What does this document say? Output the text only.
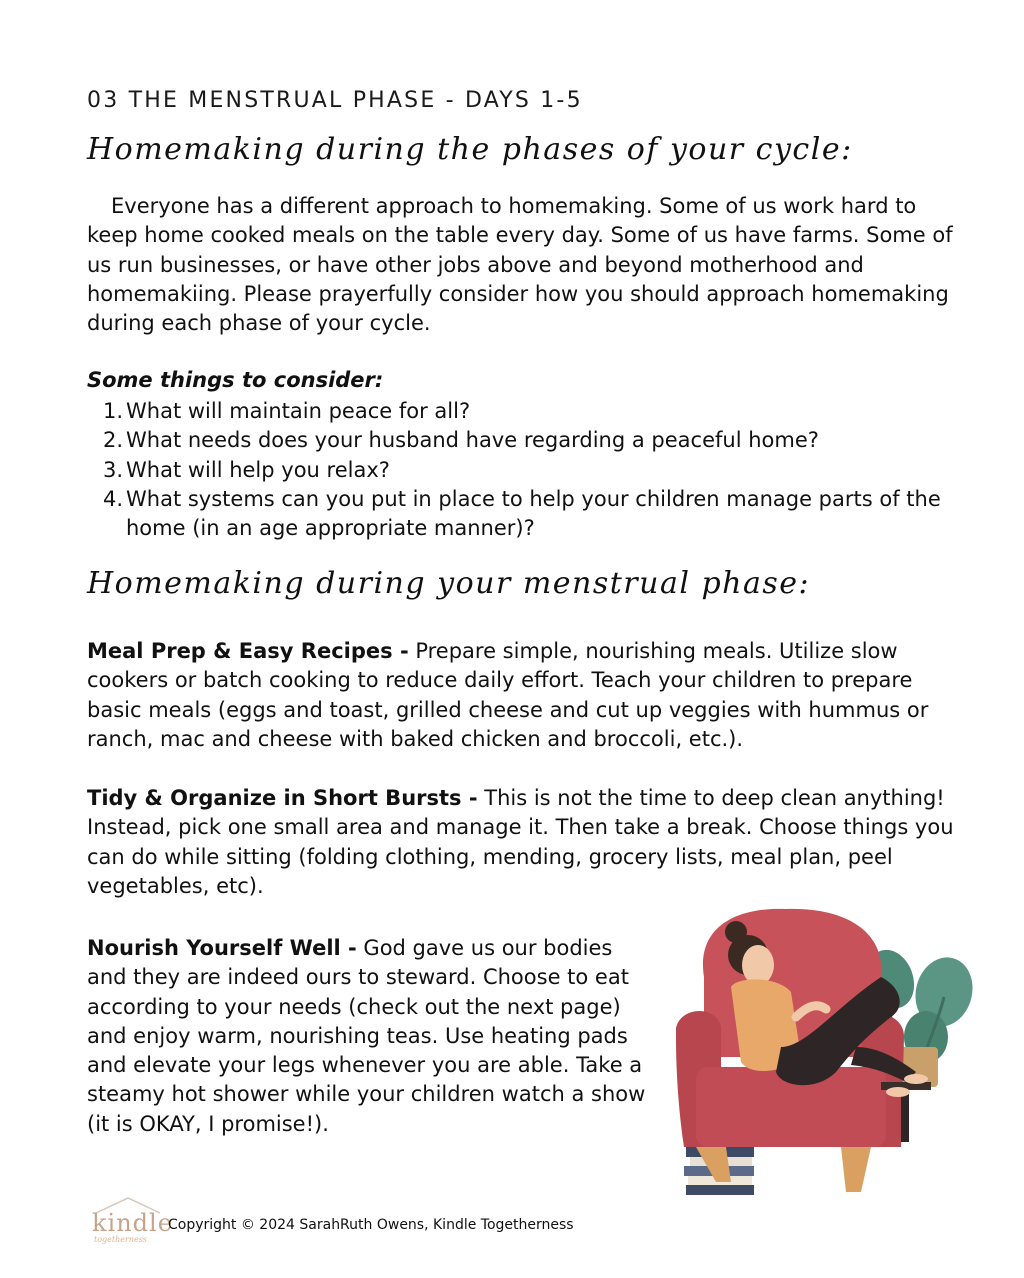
03 THE MENSTRUAL PHASE - DAYS 1-5
Homemaking during the phases of your cycle:
Everyone has a different approach to homemaking. Some of us work hard to keep home cooked meals on the table every day. Some of us have farms. Some of us run businesses, or have other jobs above and beyond motherhood and homemakiing. Please prayerfully consider how you should approach homemaking during each phase of your cycle.
Some things to consider:
1. What will maintain peace for all?
2. What needs does your husband have regarding a peaceful home?
3. What will help you relax?
4. What systems can you put in place to help your children manage parts of the home (in an age appropriate manner)?
Homemaking during your menstrual phase:
Meal Prep & Easy Recipes - Prepare simple, nourishing meals. Utilize slow cookers or batch cooking to reduce daily effort. Teach your children to prepare basic meals (eggs and toast, grilled cheese and cut up veggies with hummus or ranch, mac and cheese with baked chicken and broccoli, etc.).
Tidy & Organize in Short Bursts - This is not the time to deep clean anything! Instead, pick one small area and manage it. Then take a break. Choose things you can do while sitting (folding clothing, mending, grocery lists, meal plan, peel vegetables, etc).
Nourish Yourself Well - God gave us our bodies and they are indeed ours to steward. Choose to eat according to your needs (check out the next page) and enjoy warm, nourishing teas. Use heating pads and elevate your legs whenever you are able. Take a steamy hot shower while your children watch a show (it is OKAY, I promise!).
kindle
togetherness
Copyright © 2024 SarahRuth Owens, Kindle Togetherness
